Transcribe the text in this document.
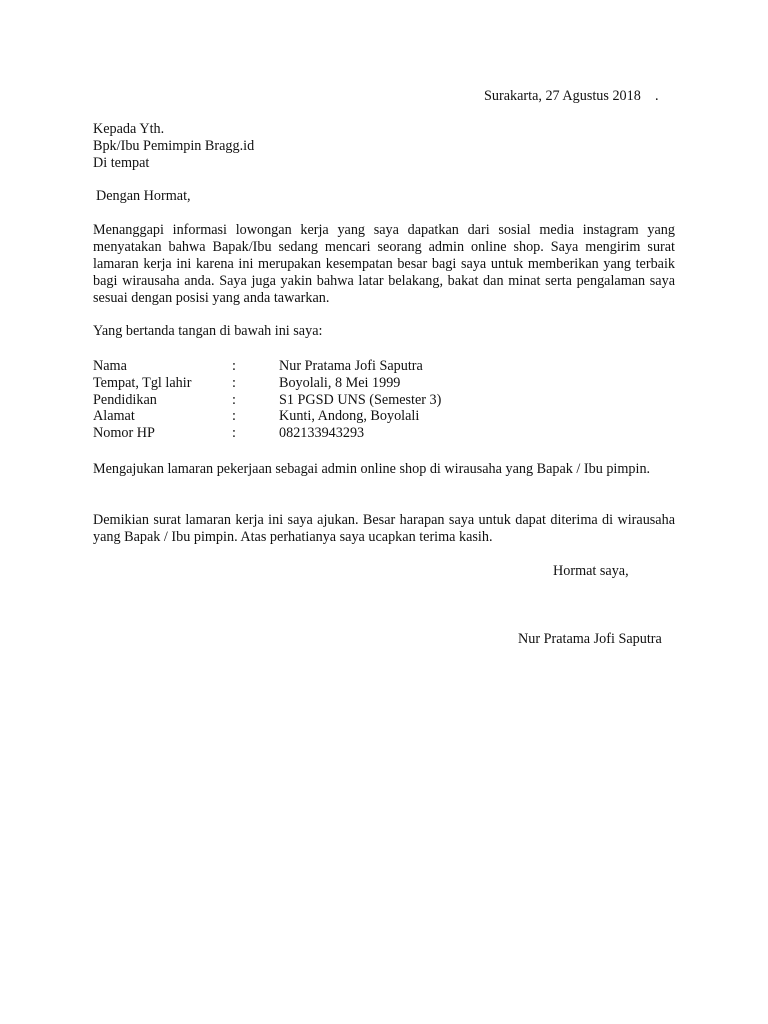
Surakarta, 27 Agustus 2018    .
Kepada Yth.
Bpk/Ibu Pemimpin Bragg.id
Di tempat
Dengan Hormat,
Menanggapi informasi lowongan kerja yang saya dapatkan dari sosial media instagram yang menyatakan bahwa Bapak/Ibu sedang mencari seorang admin online shop. Saya mengirim surat lamaran kerja ini karena ini merupakan kesempatan besar bagi saya untuk memberikan yang terbaik bagi wirausaha anda. Saya juga yakin bahwa latar belakang, bakat dan minat serta pengalaman saya sesuai dengan posisi yang anda tawarkan.
Yang bertanda tangan di bawah ini saya:
Nama	:	Nur Pratama Jofi Saputra
Tempat, Tgl lahir	:	Boyolali, 8 Mei 1999
Pendidikan	:	S1 PGSD UNS (Semester 3)
Alamat	:	Kunti, Andong, Boyolali
Nomor HP	:	082133943293
Mengajukan lamaran pekerjaan sebagai admin online shop di wirausaha yang Bapak / Ibu pimpin.
Demikian surat lamaran kerja ini saya ajukan. Besar harapan saya untuk dapat diterima di wirausaha yang Bapak / Ibu pimpin. Atas perhatianya saya ucapkan terima kasih.
Hormat saya,
Nur Pratama Jofi Saputra
